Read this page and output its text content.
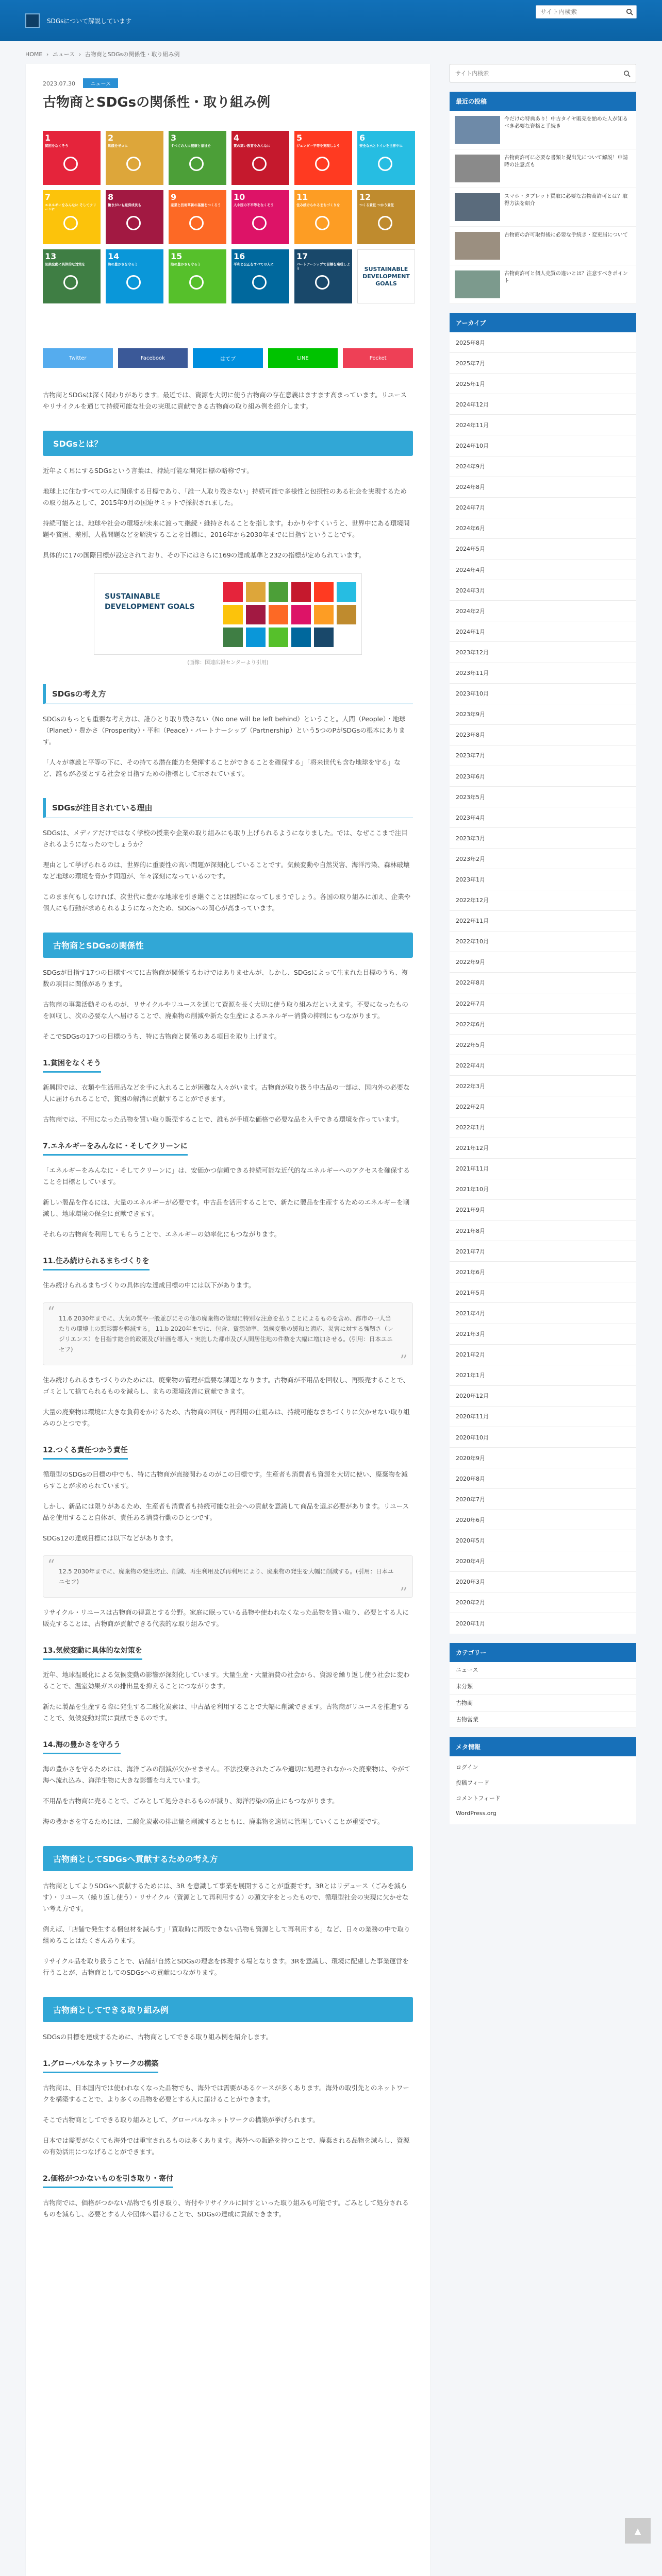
SDGsについて解説しています
サイト内検索
HOME › ニュース › 古物商とSDGsの関係性・取り組み例
2023.07.30	ニュース
古物商とSDGsの関係性・取り組み例
1
貧困をなくそう
2
飢餓をゼロに
3
すべての人に健康と福祉を
4
質の高い教育をみんなに
5
ジェンダー平等を実現しよう
6
安全な水とトイレを世界中に
7
エネルギーをみんなに そしてクリーンに
8
働きがいも経済成長も
9
産業と技術革新の基盤をつくろう
10
人や国の不平等をなくそう
11
住み続けられるまちづくりを
12
つくる責任 つかう責任
13
気候変動に具体的な対策を
14
海の豊かさを守ろう
15
陸の豊かさも守ろう
16
平和と公正をすべての人に
17
パートナーシップで目標を達成しよう	SUSTAINABLE DEVELOPMENT GOALS
Twitter	Facebook	はてブ	LINE	Pocket
古物商とSDGsは深く関わりがあります。最近では、資源を大切に使う古物商の存在意義はますます高まっています。リユースやリサイクルを通じて持続可能な社会の実現に貢献できる古物商の取り組み例を紹介します。
SDGsとは？

近年よく耳にするSDGsという言葉は、持続可能な開発目標の略称です。

地球上に住むすべての人に関係する目標であり、「誰一人取り残さない」持続可能で多様性と包摂性のある社会を実現するための取り組みとして、2015年9月の国連サミットで採択されました。

持続可能とは、地球や社会の環境が未来に渡って継続・維持されることを指します。わかりやすくいうと、世界中にある環境問題や貧困、差別、人権問題などを解決することを目標に、2016年から2030年までに目指すということです。

具体的に17の国際目標が設定されており、その下にはさらに169の達成基準と232の指標が定められています。

SUSTAINABLE DEVELOPMENT GOALS
(画像：国連広報センターより引用)
SDGsの考え方

SDGsのもっとも重要な考え方は、誰ひとり取り残さない（No one will be left behind）ということ。人間（People）・地球（Planet）・豊かさ（Prosperity）・平和（Peace）・パートナーシップ（Partnership）という5つのPがSDGsの根本にあります。

「人々が尊厳と平等の下に、その持てる潜在能力を発揮することができることを確保する」「将来世代も含む地球を守る」など、誰もが必要とする社会を目指すための指標として示されています。

SDGsが注目されている理由

SDGsは、メディアだけではなく学校の授業や企業の取り組みにも取り上げられるようになりました。では、なぜここまで注目されるようになったのでしょうか？

理由として挙げられるのは、世界的に重要性の高い問題が深刻化していることです。気候変動や自然災害、海洋汚染、森林破壊など地球の環境を脅かす問題が、年々深刻になっているのです。

このまま何もしなければ、次世代に豊かな地球を引き継ぐことは困難になってしまうでしょう。各国の取り組みに加え、企業や個人にも行動が求められるようになったため、SDGsへの関心が高まっています。

古物商とSDGsの関係性

SDGsが目指す17つの目標すべてに古物商が関係するわけではありませんが、しかし、SDGsによって生まれた目標のうち、複数の項目に関係があります。

古物商の事業活動そのものが、リサイクルやリユースを通じて資源を長く大切に使う取り組みだといえます。不要になったものを回収し、次の必要な人へ届けることで、廃棄物の削減や新たな生産によるエネルギー消費の抑制にもつながります。

そこでSDGsの17つの目標のうち、特に古物商と関係のある項目を取り上げます。

1.貧困をなくそう

新興国では、衣類や生活用品などを手に入れることが困難な人々がいます。古物商が取り扱う中古品の一部は、国内外の必要な人に届けられることで、貧困の解消に貢献することができます。

古物商では、不用になった品物を買い取り販売することで、誰もが手頃な価格で必要な品を入手できる環境を作っています。

7.エネルギーをみんなに・そしてクリーンに

「エネルギーをみんなに・そしてクリーンに」は、安価かつ信頼できる持続可能な近代的なエネルギーへのアクセスを確保することを目標としています。

新しい製品を作るには、大量のエネルギーが必要です。中古品を活用することで、新たに製品を生産するためのエネルギーを削減し、地球環境の保全に貢献できます。

それらの古物商を利用してもらうことで、エネルギーの効率化にもつながります。

11.住み続けられるまちづくりを

住み続けられるまちづくりの具体的な達成目標の中には以下があります。

“ 11.6 2030年までに、大気の質や一般並びにその他の廃棄物の管理に特別な注意を払うことによるものを含め、都市の一人当たりの環境上の悪影響を軽減する。 11.b 2020年までに、包含、資源効率、気候変動の緩和と適応、災害に対する強靭さ（レジリエンス）を目指す総合的政策及び計画を導入・実施した都市及び人間居住地の件数を大幅に増加させる。(引用：日本ユニセフ)
”

住み続けられるまちづくりのためには、廃棄物の管理が重要な課題となります。古物商が不用品を回収し、再販売することで、ゴミとして捨てられるものを減らし、まちの環境改善に貢献できます。

大量の廃棄物は環境に大きな負荷をかけるため、古物商の回収・再利用の仕組みは、持続可能なまちづくりに欠かせない取り組みのひとつです。

12.つくる責任つかう責任

循環型のSDGsの目標の中でも、特に古物商が直接関わるのがこの目標です。生産者も消費者も資源を大切に使い、廃棄物を減らすことが求められています。

しかし、新品には限りがあるため、生産者も消費者も持続可能な社会への貢献を意識して商品を選ぶ必要があります。リユース品を使用すること自体が、責任ある消費行動のひとつです。

SDGs12の達成目標には以下などがあります。

“ 12.5 2030年までに、廃棄物の発生防止、削減、再生利用及び再利用により、廃棄物の発生を大幅に削減する。(引用：日本ユニセフ)
”

リサイクル・リユースは古物商の得意とする分野。家庭に眠っている品物や使われなくなった品物を買い取り、必要とする人に販売することは、古物商が貢献できる代表的な取り組みです。

13.気候変動に具体的な対策を

近年、地球温暖化による気候変動の影響が深刻化しています。大量生産・大量消費の社会から、資源を繰り返し使う社会に変わることで、温室効果ガスの排出量を抑えることにつながります。

新たに製品を生産する際に発生する二酸化炭素は、中古品を利用することで大幅に削減できます。古物商がリユースを推進することで、気候変動対策に貢献できるのです。

14.海の豊かさを守ろう

海の豊かさを守るためには、海洋ごみの削減が欠かせません。不法投棄されたごみや適切に処理されなかった廃棄物は、やがて海へ流れ込み、海洋生物に大きな影響を与えています。

不用品を古物商に売ることで、ごみとして処分されるものが減り、海洋汚染の防止にもつながります。

海の豊かさを守るためには、二酸化炭素の排出量を削減するとともに、廃棄物を適切に管理していくことが重要です。

古物商としてSDGsへ貢献するための考え方

古物商としてよりSDGsへ貢献するためには、3R を意識して事業を展開することが重要です。3Rとはリデュース（ごみを減らす）・リユース（繰り返し使う）・リサイクル（資源として再利用する）の頭文字をとったもので、循環型社会の実現に欠かせない考え方です。

例えば、「店舗で発生する梱包材を減らす」「買取時に再販できない品物も資源として再利用する」など、日々の業務の中で取り組めることはたくさんあります。

リサイクル品を取り扱うことで、店舗が自然とSDGsの理念を体現する場となります。3Rを意識し、環境に配慮した事業運営を行うことが、古物商としてのSDGsへの貢献につながります。

古物商としてできる取り組み例

SDGsの目標を達成するために、古物商としてできる取り組み例を紹介します。

1.グローバルなネットワークの構築

古物商は、日本国内では使われなくなった品物でも、海外では需要があるケースが多くあります。海外の取引先とのネットワークを構築することで、より多くの品物を必要とする人に届けることができます。

そこで古物商としてできる取り組みとして、グローバルなネットワークの構築が挙げられます。

日本では需要がなくても海外では重宝されるものは多くあります。海外への販路を持つことで、廃棄される品物を減らし、資源の有効活用につなげることができます。

2.価格がつかないものを引き取り・寄付

古物商では、価格がつかない品物でも引き取り、寄付やリサイクルに回すといった取り組みも可能です。ごみとして処分されるものを減らし、必要とする人や団体へ届けることで、SDGsの達成に貢献できます。

サイト内検索
最近の投稿
今だけの特典あり！中古タイヤ販売を始めた人が知るべき必要な資格と手続き
古物商許可に必要な書類と提出先について解説！申請時の注意点も
スマホ・タブレット買取に必要な古物商許可とは？取得方法を紹介
古物商の許可取得後に必要な手続き・変更届について
古物商許可と個人売買の違いとは？注意すべきポイント
アーカイブ
2025年8月
2025年7月
2025年1月
2024年12月
2024年11月
2024年10月
2024年9月
2024年8月
2024年7月
2024年6月
2024年5月
2024年4月
2024年3月
2024年2月
2024年1月
2023年12月
2023年11月
2023年10月
2023年9月
2023年8月
2023年7月
2023年6月
2023年5月
2023年4月
2023年3月
2023年2月
2023年1月
2022年12月
2022年11月
2022年10月
2022年9月
2022年8月
2022年7月
2022年6月
2022年5月
2022年4月
2022年3月
2022年2月
2022年1月
2021年12月
2021年11月
2021年10月
2021年9月
2021年8月
2021年7月
2021年6月
2021年5月
2021年4月
2021年3月
2021年2月
2021年1月
2020年12月
2020年11月
2020年10月
2020年9月
2020年8月
2020年7月
2020年6月
2020年5月
2020年4月
2020年3月
2020年2月
2020年1月
カテゴリー
ニュース
未分類
古物商
古物営業
メタ情報
ログイン
投稿フィード
コメントフィード
WordPress.org
▲
